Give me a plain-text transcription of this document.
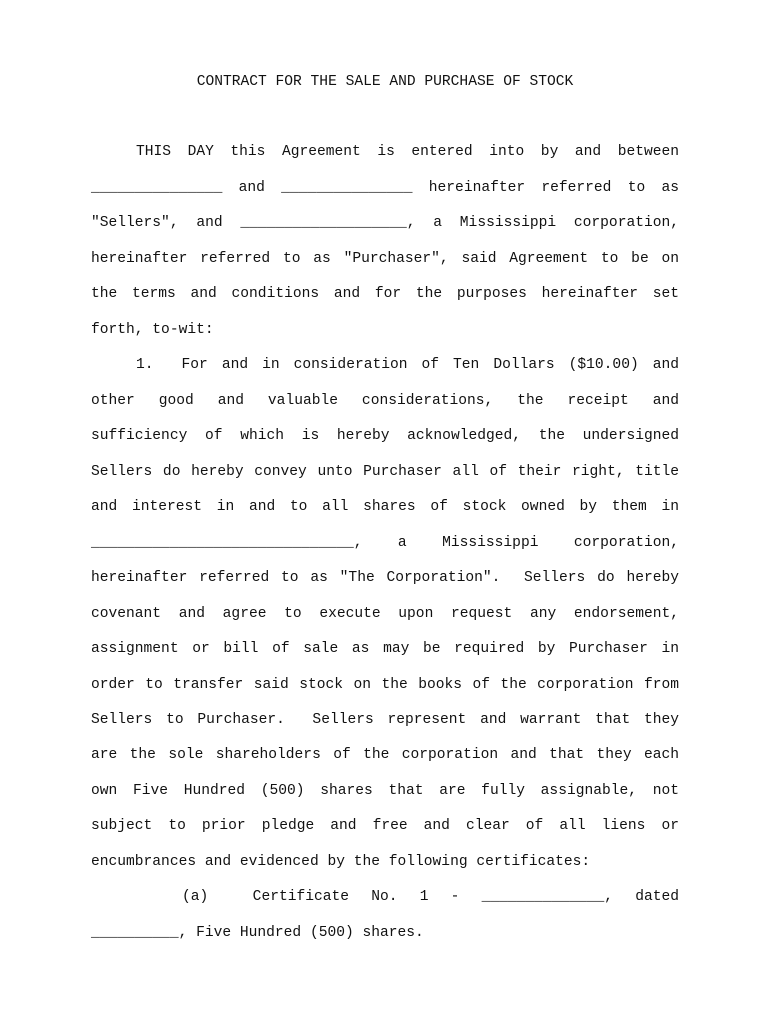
CONTRACT FOR THE SALE AND PURCHASE OF STOCK
THIS DAY this Agreement is entered into by and between
_______________ and _______________ hereinafter referred to as
"Sellers", and ___________________, a Mississippi corporation,
hereinafter referred to as "Purchaser", said Agreement to be on
the terms and conditions and for the purposes hereinafter set
forth, to-wit:
1.  For and in consideration of Ten Dollars ($10.00) and
other good and valuable considerations, the receipt and
sufficiency of which is hereby acknowledged, the undersigned
Sellers do hereby convey unto Purchaser all of their right, title
and interest in and to all shares of stock owned by them in
______________________________, a Mississippi corporation,
hereinafter referred to as "The Corporation".  Sellers do hereby
covenant and agree to execute upon request any endorsement,
assignment or bill of sale as may be required by Purchaser in
order to transfer said stock on the books of the corporation from
Sellers to Purchaser.  Sellers represent and warrant that they
are the sole shareholders of the corporation and that they each
own Five Hundred (500) shares that are fully assignable, not
subject to prior pledge and free and clear of all liens or
encumbrances and evidenced by the following certificates:
(a)  Certificate No. 1 - ______________, dated
__________, Five Hundred (500) shares.
